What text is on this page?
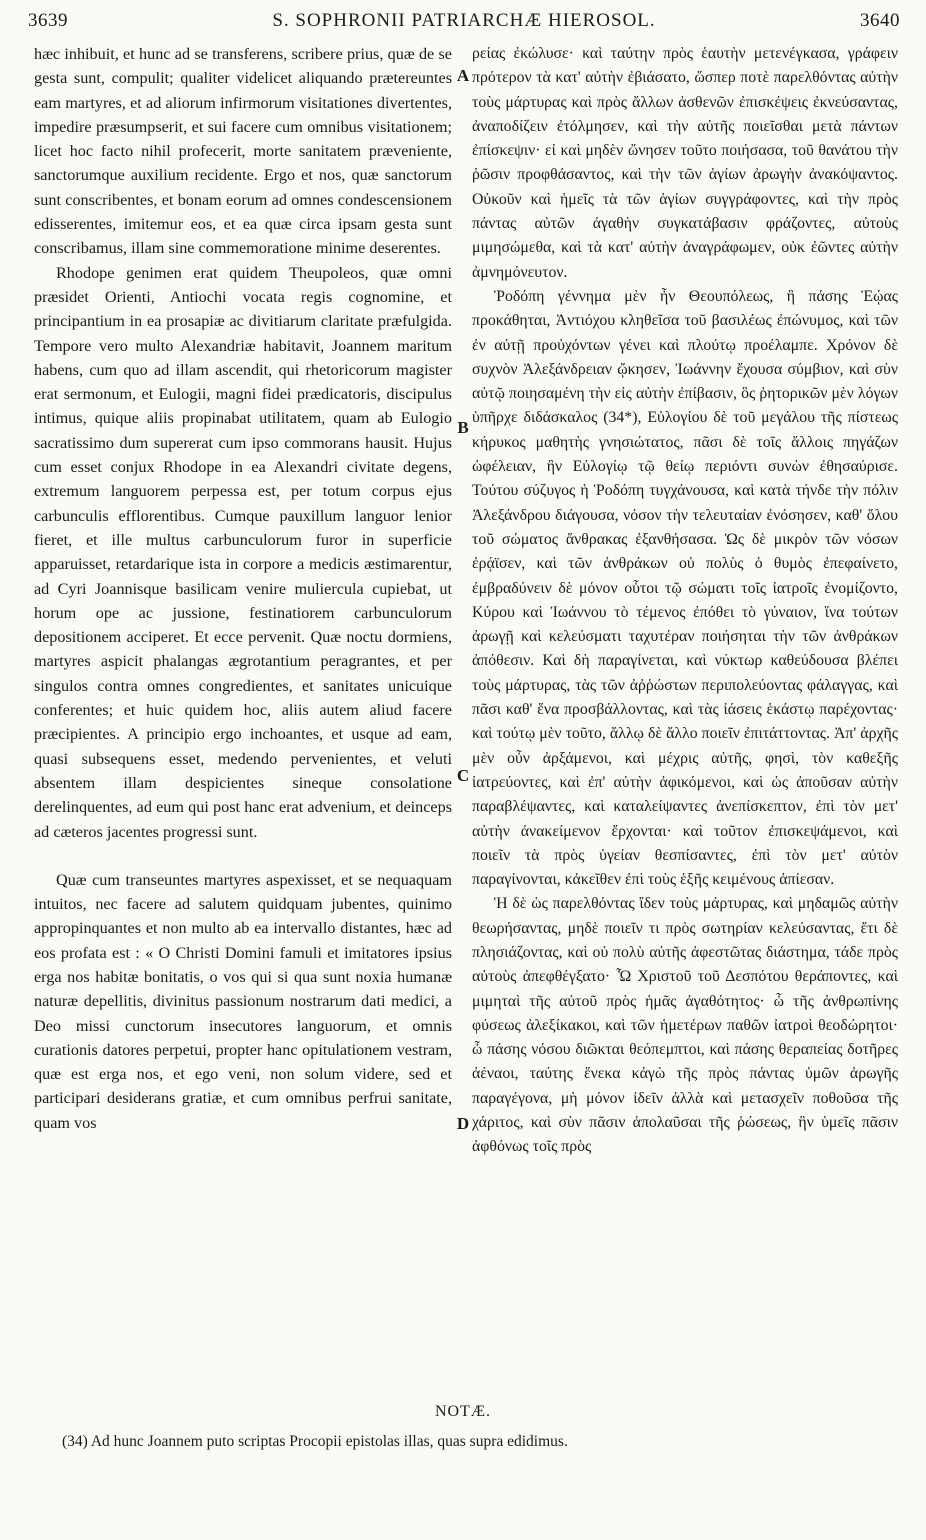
3639	S. SOPHRONII PATRIARCHÆ HIEROSOL.	3640

hæc inhibuit, et hunc ad se transferens, scribere prius, quæ de se gesta sunt, compulit; qualiter videlicet aliquando prætereuntes eam martyres, et ad aliorum infirmorum visitationes divertentes, impedire præsumpserit, et sui facere cum omnibus visitationem; licet hoc facto nihil profecerit, morte sanitatem præveniente, sanctorumque auxilium recidente. Ergo et nos, quæ sanctorum sunt conscribentes, et bonam eorum ad omnes condescensionem edisserentes, imitemur eos, et ea quæ circa ipsam gesta sunt conscribamus, illam sine commemoratione minime deserentes.

Rhodope genimen erat quidem Theupoleos, quæ omni præsidet Orienti, Antiochi vocata regis cognomine, et principantium in ea prosapiæ ac divitiarum claritate præfulgida. Tempore vero multo Alexandriæ habitavit, Joannem maritum habens, cum quo ad illam ascendit, qui rhetoricorum magister erat sermonum, et Eulogii, magni fidei prædicatoris, discipulus intimus, quique aliis propinabat utilitatem, quam ab Eulogio sacratissimo dum supererat cum ipso commorans hausit. Hujus cum esset conjux Rhodope in ea Alexandri civitate degens, extremum languorem perpessa est, per totum corpus ejus carbunculis efflorentibus. Cumque pauxillum languor lenior fieret, et ille multus carbunculorum furor in superficie apparuisset, retardarique ista in corpore a medicis æstimarentur, ad Cyri Joannisque basilicam venire muliercula cupiebat, ut horum ope ac jussione, festinatiorem carbunculorum depositionem acciperet. Et ecce pervenit. Quæ noctu dormiens, martyres aspicit phalangas ægrotantium peragrantes, et per singulos contra omnes congredientes, et sanitates unicuique conferentes; et huic quidem hoc, aliis autem aliud facere præcipientes. A principio ergo inchoantes, et usque ad eam, quasi subsequens esset, medendo pervenientes, et veluti absentem illam despicientes sineque consolatione derelinquentes, ad eum qui post hanc erat advenium, et deinceps ad cæteros jacentes progressi sunt.

Quæ cum transeuntes martyres aspexisset, et se nequaquam intuitos, nec facere ad salutem quidquam jubentes, quinimo appropinquantes et non multo ab ea intervallo distantes, hæc ad eos profata est : « O Christi Domini famuli et imitatores ipsius erga nos habitæ bonitatis, o vos qui si qua sunt noxia humanæ naturæ depellitis, divinitus passionum nostrarum dati medici, a Deo missi cunctorum insecutores languorum, et omnis curationis datores perpetui, propter hanc opitulationem vestram, quæ est erga nos, et ego veni, non solum videre, sed et participari desiderans gratiæ, et cum omnibus perfrui sanitate, quam vos

A
B
C
D

ρείας ἐκώλυσε· καὶ ταύτην πρὸς ἑαυτὴν μετενέγκασα, γράφειν πρότερον τὰ κατ' αὐτὴν ἐβιάσατο, ὥσπερ ποτὲ παρελθόντας αὐτὴν τοὺς μάρτυρας καὶ πρὸς ἄλλων ἀσθενῶν ἐπισκέψεις ἐκνεύσαντας, ἀναποδίζειν ἐτόλμησεν, καὶ τὴν αὐτῆς ποιεῖσθαι μετὰ πάντων ἐπίσκεψιν· εἰ καὶ μηδὲν ὤνησεν τοῦτο ποιήσασα, τοῦ θανάτου τὴν ῥῶσιν προφθάσαντος, καὶ τὴν τῶν ἁγίων ἀρωγὴν ἀνακόψαντος. Οὐκοῦν καὶ ἡμεῖς τὰ τῶν ἁγίων συγγράφοντες, καὶ τὴν πρὸς πάντας αὐτῶν ἀγαθὴν συγκατάβασιν φράζοντες, αὐτοὺς μιμησώμεθα, καὶ τὰ κατ' αὐτὴν ἀναγράφωμεν, οὐκ ἐῶντες αὐτὴν ἀμνημόνευτον.

Ῥοδόπη γέννημα μὲν ἦν Θεουπόλεως, ἣ πάσης Ἑῴας προκάθηται, Ἀντιόχου κληθεῖσα τοῦ βασιλέως ἐπώνυμος, καὶ τῶν ἐν αὐτῇ προὐχόντων γένει καὶ πλούτῳ προέλαμπε. Χρόνον δὲ συχνὸν Ἀλεξάνδρειαν ᾤκησεν, Ἰωάννην ἔχουσα σύμβιον, καὶ σὺν αὐτῷ ποιησαμένη τὴν εἰς αὐτὴν ἐπίβασιν, ὃς ῥητορικῶν μὲν λόγων ὑπῆρχε διδάσκαλος (34*), Εὐλογίου δὲ τοῦ μεγάλου τῆς πίστεως κήρυκος μαθητὴς γνησιώτατος, πᾶσι δὲ τοῖς ἄλλοις πηγάζων ὠφέλειαν, ἣν Εὐλογίῳ τῷ θείῳ περιόντι συνὼν ἐθησαύρισε. Τούτου σύζυγος ἡ Ῥοδόπη τυγχάνουσα, καὶ κατὰ τήνδε τὴν πόλιν Ἀλεξάνδρου διάγουσα, νόσον τὴν τελευταίαν ἐνόσησεν, καθ' ὅλου τοῦ σώματος ἄνθρακας ἐξανθήσασα. Ὡς δὲ μικρὸν τῶν νόσων ἐρᾴϊσεν, καὶ τῶν ἀνθράκων οὐ πολὺς ὁ θυμὸς ἐπεφαίνετο, ἐμβραδύνειν δὲ μόνον οὗτοι τῷ σώματι τοῖς ἰατροῖς ἐνομίζοντο, Κύρου καὶ Ἰωάννου τὸ τέμενος ἐπόθει τὸ γύναιον, ἵνα τούτων ἀρωγῇ καὶ κελεύσματι ταχυτέραν ποιήσηται τὴν τῶν ἀνθράκων ἀπόθεσιν. Καὶ δὴ παραγίνεται, καὶ νύκτωρ καθεύδουσα βλέπει τοὺς μάρτυρας, τὰς τῶν ἀῤῥώστων περιπολεύοντας φάλαγγας, καὶ πᾶσι καθ' ἕνα προσβάλλοντας, καὶ τὰς ἰάσεις ἑκάστῳ παρέχοντας· καὶ τούτῳ μὲν τοῦτο, ἄλλῳ δὲ ἄλλο ποιεῖν ἐπιτάττοντας. Ἀπ' ἀρχῆς μὲν οὖν ἀρξάμενοι, καὶ μέχρις αὐτῆς, φησὶ, τὸν καθεξῆς ἰατρεύοντες, καὶ ἐπ' αὐτὴν ἀφικόμενοι, καὶ ὡς ἀποῦσαν αὐτὴν παραβλέψαντες, καὶ καταλείψαντες ἀνεπίσκεπτον, ἐπὶ τὸν μετ' αὐτὴν ἀνακείμενον ἔρχονται· καὶ τοῦτον ἐπισκεψάμενοι, καὶ ποιεῖν τὰ πρὸς ὑγείαν θεσπίσαντες, ἐπὶ τὸν μετ' αὐτὸν παραγίνονται, κἀκεῖθεν ἐπὶ τοὺς ἑξῆς κειμένους ἀπίεσαν.

Ἡ δὲ ὡς παρελθόντας ἴδεν τοὺς μάρτυρας, καὶ μηδαμῶς αὐτὴν θεωρήσαντας, μηδὲ ποιεῖν τι πρὸς σωτηρίαν κελεύσαντας, ἔτι δὲ πλησιάζοντας, καὶ οὐ πολὺ αὐτῆς ἀφεστῶτας διάστημα, τάδε πρὸς αὐτοὺς ἀπεφθέγξατο· Ὦ Χριστοῦ τοῦ Δεσπότου θεράποντες, καὶ μιμηταὶ τῆς αὐτοῦ πρὸς ἡμᾶς ἀγαθότητος· ὦ τῆς ἀνθρωπίνης φύσεως ἀλεξίκακοι, καὶ τῶν ἡμετέρων παθῶν ἰατροὶ θεοδώρητοι· ὦ πάσης νόσου διῶκται θεόπεμπτοι, καὶ πάσης θεραπείας δοτῆρες ἀέναοι, ταύτης ἕνεκα κἀγὼ τῆς πρὸς πάντας ὑμῶν ἀρωγῆς παραγέγονα, μὴ μόνον ἰδεῖν ἀλλὰ καὶ μετασχεῖν ποθοῦσα τῆς χάριτος, καὶ σὺν πᾶσιν ἀπολαῦσαι τῆς ῥώσεως, ἣν ὑμεῖς πᾶσιν ἀφθόνως τοῖς πρὸς

NOTÆ.
(34) Ad hunc Joannem puto scriptas Procopii epistolas illas, quas supra edidimus.
